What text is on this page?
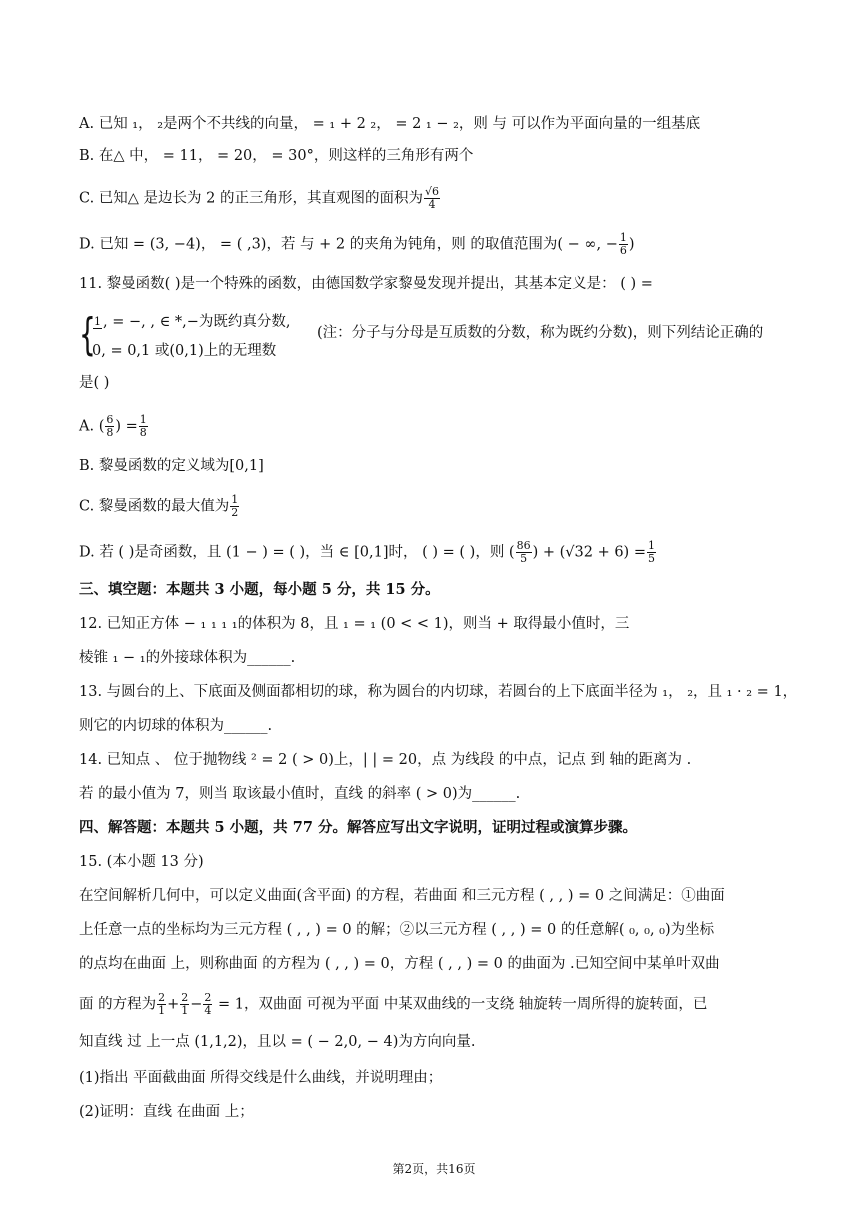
A. 已知 ₁， ₂是两个不共线的向量， = ₁ + 2 ₂， = 2 ₁ − ₂，则 与 可以作为平面向量的一组基底
B. 在△ 中， = 11， = 20， = 30°，则这样的三角形有两个
C. 已知△ 是边长为 2 的正三角形，其直观图的面积为 $\frac{√6}{4}$
D. 已知 = (3, −4)， = ( ,3)，若 与 + 2 的夹角为钝角，则 的取值范围为( − ∞, − $\frac{1}{6}$ )
11. 黎曼函数( )是一个特殊的函数，由德国数学家黎曼发现并提出，其基本定义是： ( ) =
{
1 , = −, , ∈ *,−为既约真分数,
0, = 0,1 或(0,1)上的无理数
(注：分子与分母是互质数的分数，称为既约分数)，则下列结论正确的
是( )
A. ( $\frac{6}{8}$ ) = $\frac{1}{8}$
B. 黎曼函数的定义域为[0,1]
C. 黎曼函数的最大值为 $\frac{1}{2}$
D. 若 ( )是奇函数，且 (1 − ) = ( )，当 ∈ [0,1]时， ( ) = ( )，则 ( $\frac{86}{5}$ ) + $(√32 + 6) = \frac{1}{5}$
三、填空题：本题共 3 小题，每小题 5 分，共 15 分。
12. 已知正方体 − ₁ ₁ ₁ ₁的体积为 8，且 ₁ = ₁ (0 < < 1)，则当 + 取得最小值时，三
棱锥 ₁ − ₁的外接球体积为______.
13. 与圆台的上、下底面及侧面都相切的球，称为圆台的内切球，若圆台的上下底面半径为 ₁， ₂，且 ₁ · ₂ = 1，
则它的内切球的体积为______.
14. 已知点 、 位于抛物线 ² = 2 ( > 0)上，| | = 20，点 为线段 的中点，记点 到 轴的距离为 .
若 的最小值为 7，则当 取该最小值时，直线 的斜率 ( > 0)为______.
四、解答题：本题共 5 小题，共 77 分。解答应写出文字说明，证明过程或演算步骤。
15. (本小题 13 分)
在空间解析几何中，可以定义曲面(含平面) 的方程，若曲面 和三元方程 ( , , ) = 0 之间满足：①曲面
上任意一点的坐标均为三元方程 ( , , ) = 0 的解；②以三元方程 ( , , ) = 0 的任意解( ₀, ₀, ₀)为坐标
的点均在曲面 上，则称曲面 的方程为 ( , , ) = 0，方程 ( , , ) = 0 的曲面为 .已知空间中某单叶双曲
面 的方程为 $\frac{2}{1} + \frac{2}{1} - \frac{2}{4} = 1$，双曲面 可视为平面 中某双曲线的一支绕 轴旋转一周所得的旋转面，已
知直线 过 上一点 (1,1,2)，且以 = ( − 2,0, − 4)为方向向量.
(1)指出 平面截曲面 所得交线是什么曲线，并说明理由；
(2)证明：直线 在曲面 上；
第2页，共16页
